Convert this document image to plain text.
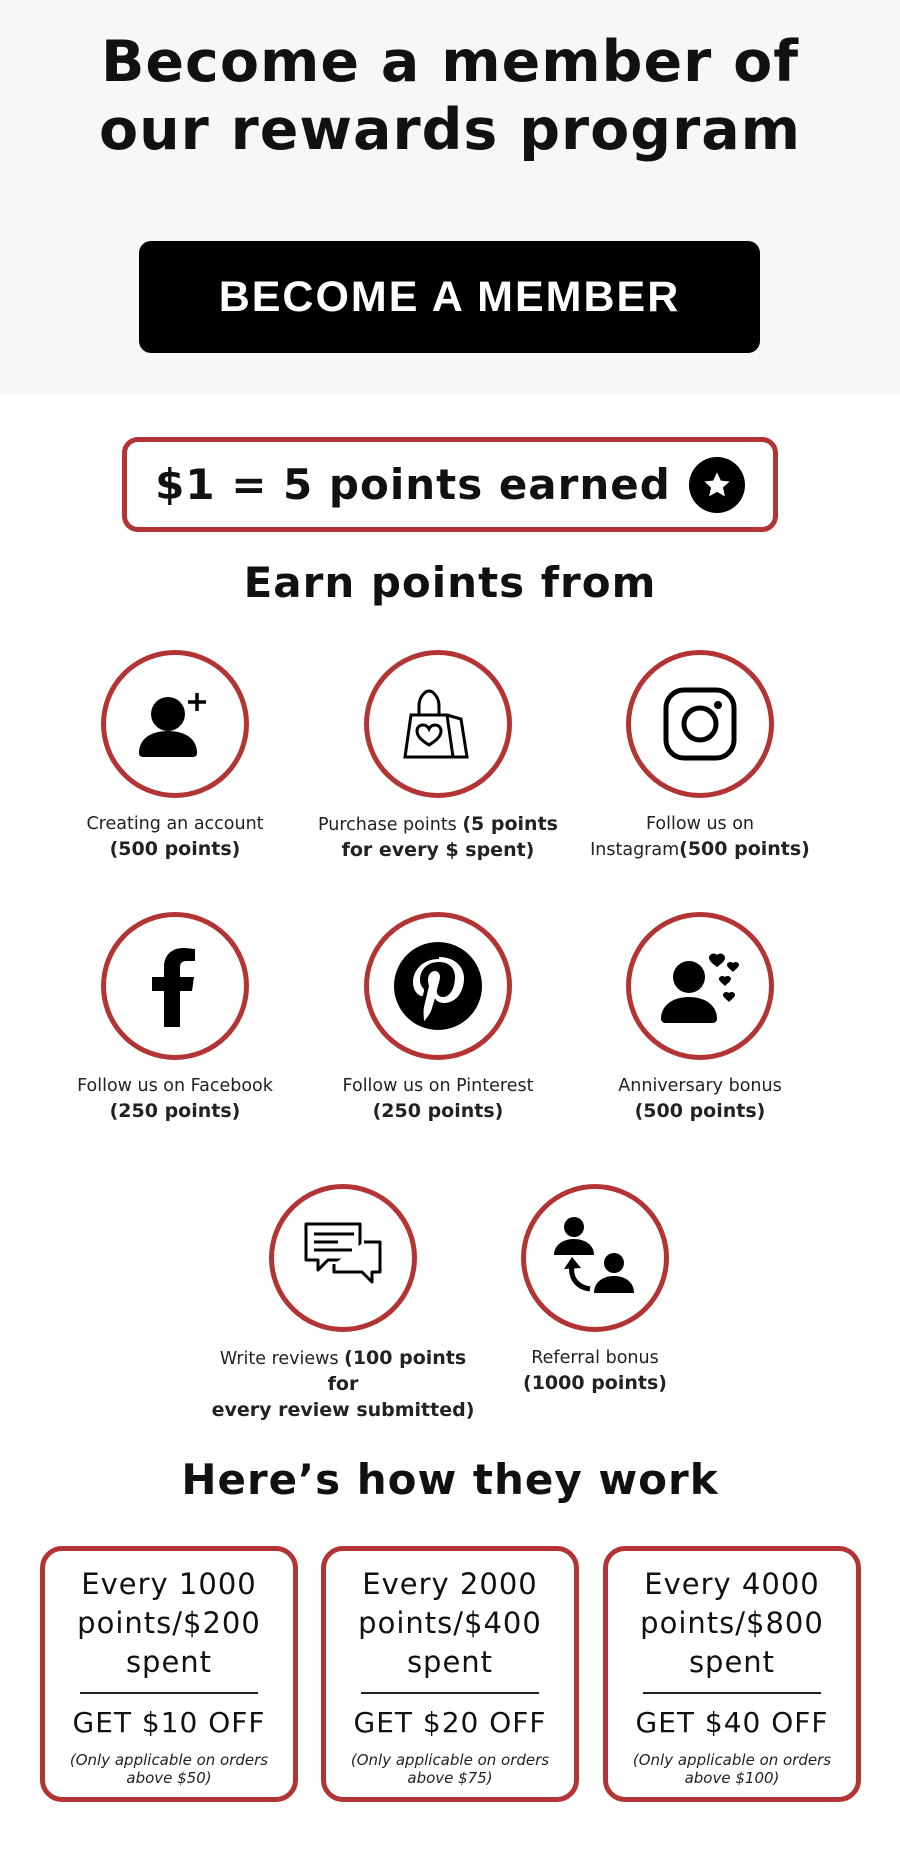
Become a member of
our rewards program
BECOME A MEMBER
$1 = 5 points earned
Earn points from
Creating an account
(500 points)
Purchase points (5 points
for every $ spent)
Follow us on
Instagram(500 points)
Follow us on Facebook
(250 points)
Follow us on Pinterest
(250 points)
Anniversary bonus
(500 points)
Write reviews (100 points for
every review submitted)
Referral bonus
(1000 points)
Here’s how they work
Every 1000 points/$200 spent
GET $10 OFF
(Only applicable on orders above $50)
Every 2000 points/$400 spent
GET $20 OFF
(Only applicable on orders above $75)
Every 4000 points/$800 spent
GET $40 OFF
(Only applicable on orders above $100)
